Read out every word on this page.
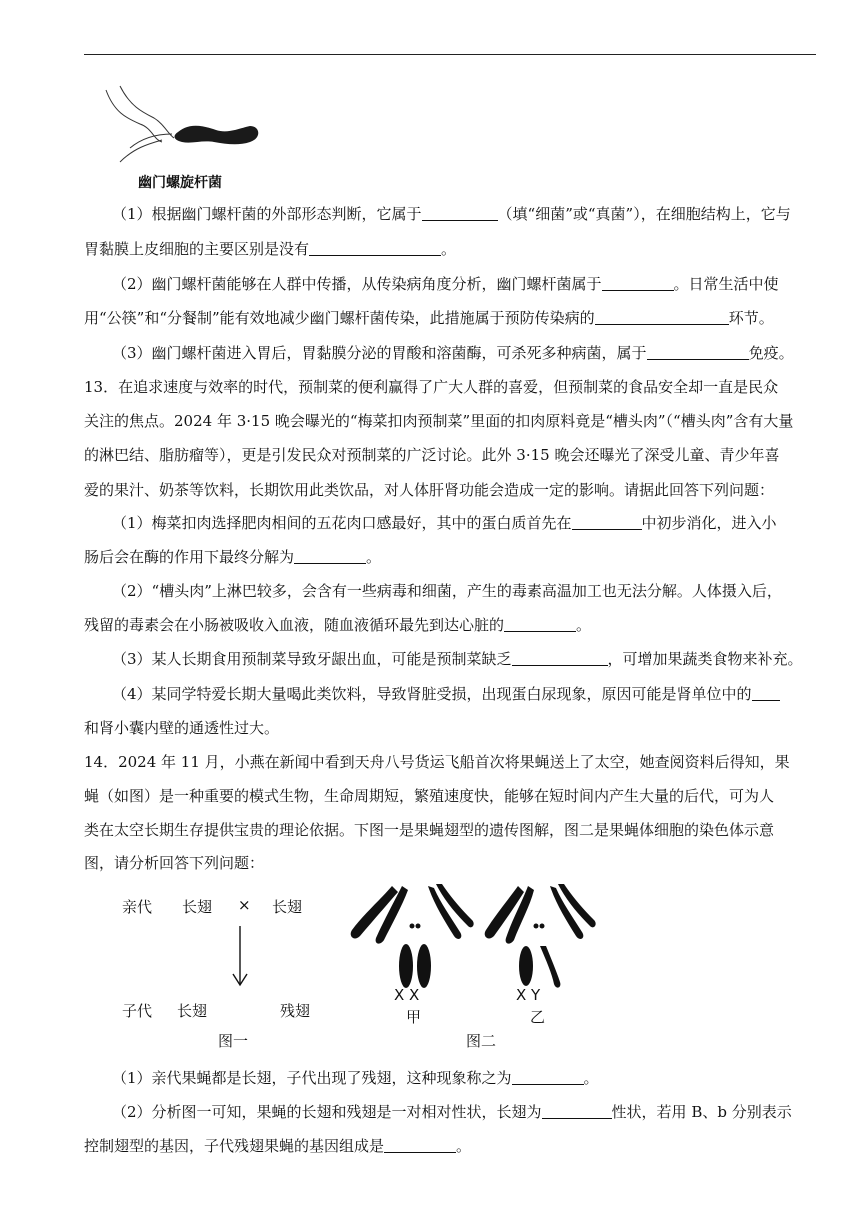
幽门螺旋杆菌
（1）根据幽门螺杆菌的外部形态判断，它属于	（填“细菌”或“真菌”），在细胞结构上，它与
胃黏膜上皮细胞的主要区别是没有	。
（2）幽门螺杆菌能够在人群中传播，从传染病角度分析，幽门螺杆菌属于	。日常生活中使
用“公筷”和“分餐制”能有效地减少幽门螺杆菌传染，此措施属于预防传染病的	环节。
（3）幽门螺杆菌进入胃后，胃黏膜分泌的胃酸和溶菌酶，可杀死多种病菌，属于	免疫。
13．在追求速度与效率的时代，预制菜的便利赢得了广大人群的喜爱，但预制菜的食品安全却一直是民众
关注的焦点。2024 年 3·15 晚会曝光的“梅菜扣肉预制菜”里面的扣肉原料竟是“槽头肉”（“槽头肉”含有大量
的淋巴结、脂肪瘤等），更是引发民众对预制菜的广泛讨论。此外 3·15 晚会还曝光了深受儿童、青少年喜
爱的果汁、奶茶等饮料，长期饮用此类饮品，对人体肝肾功能会造成一定的影响。请据此回答下列问题：
（1）梅菜扣肉选择肥肉相间的五花肉口感最好，其中的蛋白质首先在	中初步消化，进入小
肠后会在酶的作用下最终分解为	。
（2）“槽头肉”上淋巴较多，会含有一些病毒和细菌，产生的毒素高温加工也无法分解。人体摄入后，
残留的毒素会在小肠被吸收入血液，随血液循环最先到达心脏的	。
（3）某人长期食用预制菜导致牙龈出血，可能是预制菜缺乏	，可增加果蔬类食物来补充。
（4）某同学特爱长期大量喝此类饮料，导致肾脏受损，出现蛋白尿现象，原因可能是肾单位中的
和肾小囊内壁的通透性过大。
14．2024 年 11 月，小燕在新闻中看到天舟八号货运飞船首次将果蝇送上了太空，她查阅资料后得知，果
蝇（如图）是一种重要的模式生物，生命周期短，繁殖速度快，能够在短时间内产生大量的后代，可为人
类在太空长期生存提供宝贵的理论依据。下图一是果蝇翅型的遗传图解，图二是果蝇体细胞的染色体示意
图，请分析回答下列问题：
亲代 长翅 × 长翅
子代 长翅	残翅
图一
X X
甲
X Y
乙
图二
（1）亲代果蝇都是长翅，子代出现了残翅，这种现象称之为	。
（2）分析图一可知，果蝇的长翅和残翅是一对相对性状，长翅为	性状，若用 B、b 分别表示
控制翅型的基因，子代残翅果蝇的基因组成是	。
